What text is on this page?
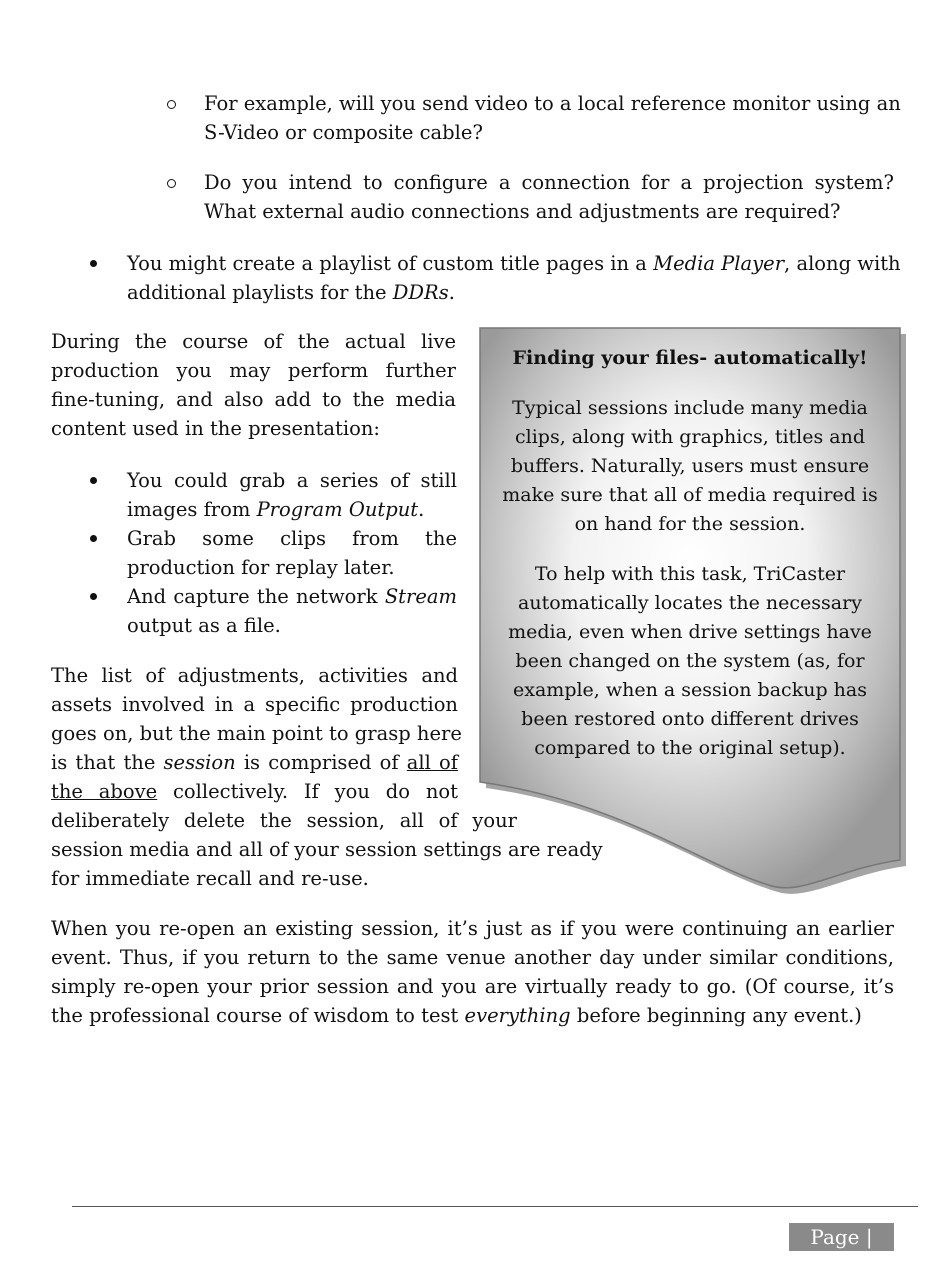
For example, will you send video to a local reference monitor using an
S-Video or composite cable?
Do you intend to configure a connection for a projection system?
What external audio connections and adjustments are required?
You might create a playlist of custom title pages in a Media Player, along with
additional playlists for the DDRs.
During the course of the actual live
production you may perform further
fine-tuning, and also add to the media
content used in the presentation:
You could grab a series of still
images from Program Output.
Grab some clips from the
production for replay later.
And capture the network Stream
output as a file.
The list of adjustments, activities and
assets involved in a specific production
goes on, but the main point to grasp here
is that the session is comprised of all of
the above collectively. If you do not
deliberately delete the session, all of your
session media and all of your session settings are ready
for immediate recall and re-use.
Finding your files- automatically!
Typical sessions include many media
clips, along with graphics, titles and
buffers. Naturally, users must ensure
make sure that all of media required is
on hand for the session.
To help with this task, TriCaster
automatically locates the necessary
media, even when drive settings have
been changed on the system (as, for
example, when a session backup has
been restored onto different drives
compared to the original setup).
When you re-open an existing session, it’s just as if you were continuing an earlier
event. Thus, if you return to the same venue another day under similar conditions,
simply re-open your prior session and you are virtually ready to go. (Of course, it’s
the professional course of wisdom to test everything before beginning any event.)
Page | 109
